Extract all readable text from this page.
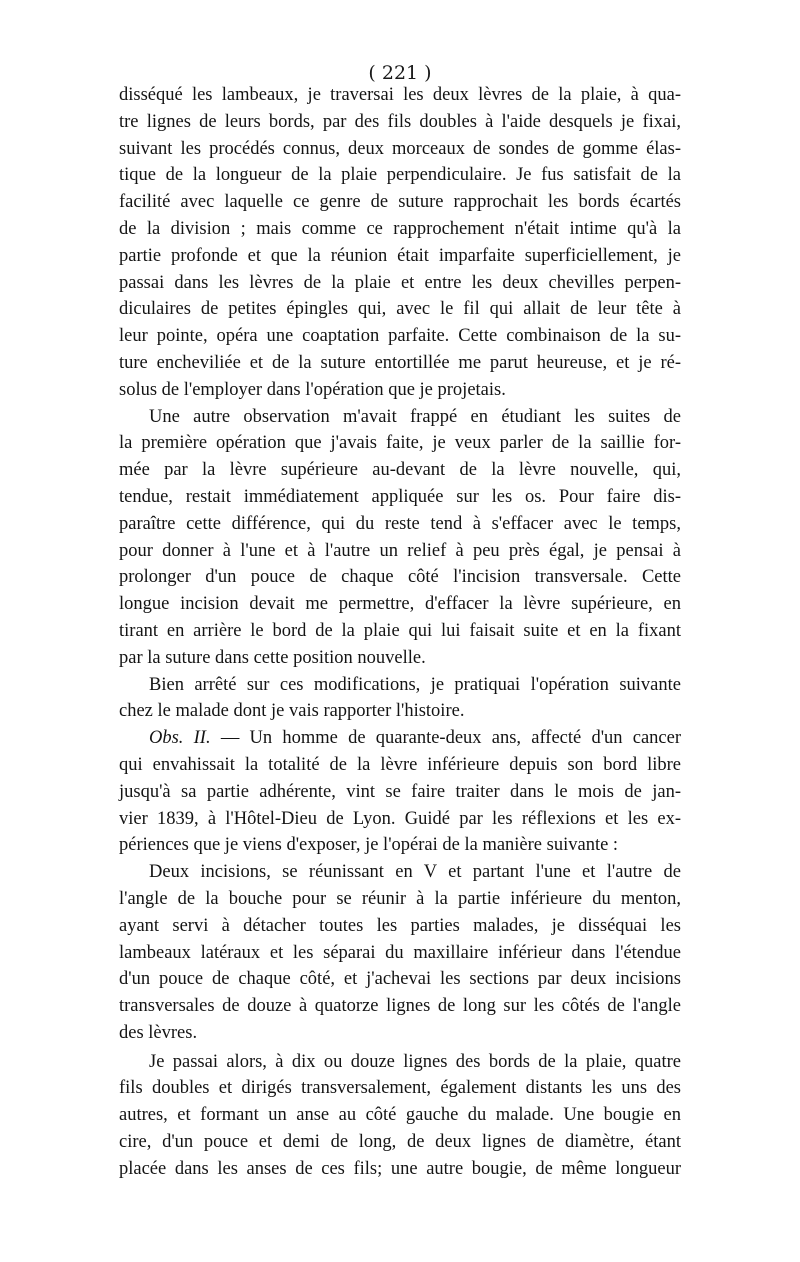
( 221 )
disséqué les lambeaux, je traversai les deux lèvres de la plaie, à qua-
tre lignes de leurs bords, par des fils doubles à l'aide desquels je fixai,
suivant les procédés connus, deux morceaux de sondes de gomme élas-
tique de la longueur de la plaie perpendiculaire. Je fus satisfait de la
facilité avec laquelle ce genre de suture rapprochait les bords écartés
de la division ; mais comme ce rapprochement n'était intime qu'à la
partie profonde et que la réunion était imparfaite superficiellement, je
passai dans les lèvres de la plaie et entre les deux chevilles perpen-
diculaires de petites épingles qui, avec le fil qui allait de leur tête à
leur pointe, opéra une coaptation parfaite. Cette combinaison de la su-
ture encheviliée et de la suture entortillée me parut heureuse, et je ré-
solus de l'employer dans l'opération que je projetais.
Une autre observation m'avait frappé en étudiant les suites de
la première opération que j'avais faite, je veux parler de la saillie for-
mée par la lèvre supérieure au-devant de la lèvre nouvelle, qui,
tendue, restait immédiatement appliquée sur les os. Pour faire dis-
paraître cette différence, qui du reste tend à s'effacer avec le temps,
pour donner à l'une et à l'autre un relief à peu près égal, je pensai à
prolonger d'un pouce de chaque côté l'incision transversale. Cette
longue incision devait me permettre, d'effacer la lèvre supérieure, en
tirant en arrière le bord de la plaie qui lui faisait suite et en la fixant
par la suture dans cette position nouvelle.
Bien arrêté sur ces modifications, je pratiquai l'opération suivante
chez le malade dont je vais rapporter l'histoire.
Obs. II. — Un homme de quarante-deux ans, affecté d'un cancer
qui envahissait la totalité de la lèvre inférieure depuis son bord libre
jusqu'à sa partie adhérente, vint se faire traiter dans le mois de jan-
vier 1839, à l'Hôtel-Dieu de Lyon. Guidé par les réflexions et les ex-
périences que je viens d'exposer, je l'opérai de la manière suivante :
Deux incisions, se réunissant en V et partant l'une et l'autre de
l'angle de la bouche pour se réunir à la partie inférieure du menton,
ayant servi à détacher toutes les parties malades, je disséquai les
lambeaux latéraux et les séparai du maxillaire inférieur dans l'étendue
d'un pouce de chaque côté, et j'achevai les sections par deux incisions
transversales de douze à quatorze lignes de long sur les côtés de l'angle
des lèvres.
Je passai alors, à dix ou douze lignes des bords de la plaie, quatre
fils doubles et dirigés transversalement, également distants les uns des
autres, et formant un anse au côté gauche du malade. Une bougie en
cire, d'un pouce et demi de long, de deux lignes de diamètre, étant
placée dans les anses de ces fils; une autre bougie, de même longueur
